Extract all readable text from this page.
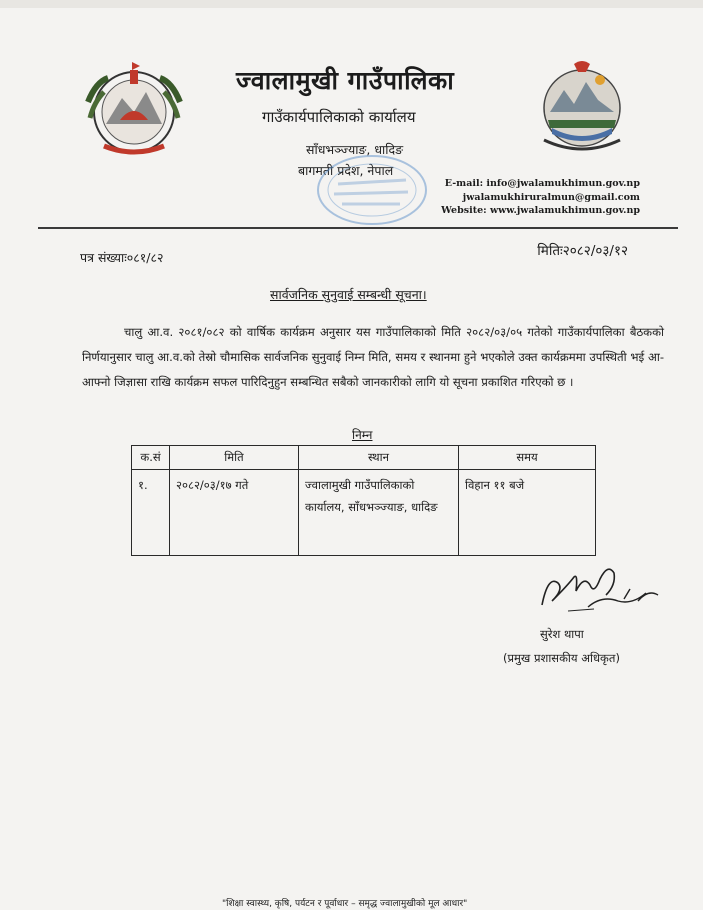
ज्वालामुखी गाउँपालिका
गाउँकार्यपालिकाको कार्यालय
साँधभञ्ज्याङ, धादिङ
बागमती प्रदेश, नेपाल
E-mail: info@jwalamukhimun.gov.np
jwalamukhiruralmun@gmail.com
Website: www.jwalamukhimun.gov.np
पत्र संख्याः०८१/८२	मितिः२०८२/०३/१२
सार्वजनिक सुनुवाई सम्बन्धी सूचना।

चालु आ.व. २०८१/०८२ को वार्षिक कार्यक्रम अनुसार यस गाउँपालिकाको मिति २०८२/०३/०५ गतेको गाउँकार्यपालिका बैठकको निर्णयानुसार चालु आ.व.को तेस्रो चौमासिक सार्वजनिक सुनुवाई निम्न मिति, समय र स्थानमा हुने भएकोले उक्त कार्यक्रममा उपस्थिती भई आ-आफ्नो जिज्ञासा राखि कार्यक्रम सफल पारिदिनुहुन सम्बन्धित सबैको जानकारीको लागि यो सूचना प्रकाशित गरिएको छ ।

निम्न
क.सं	मिति	स्थान	समय
१.	२०८२/०३/१७ गते	ज्वालामुखी गाउँपालिकाको कार्यालय, साँधभञ्ज्याङ, धादिङ	विहान ११ बजे
सुरेश थापा
(प्रमुख प्रशासकीय अधिकृत)
"शिक्षा स्वास्थ्य, कृषि, पर्यटन र पूर्वाधार – समृद्ध ज्वालामुखीको मूल आधार"
